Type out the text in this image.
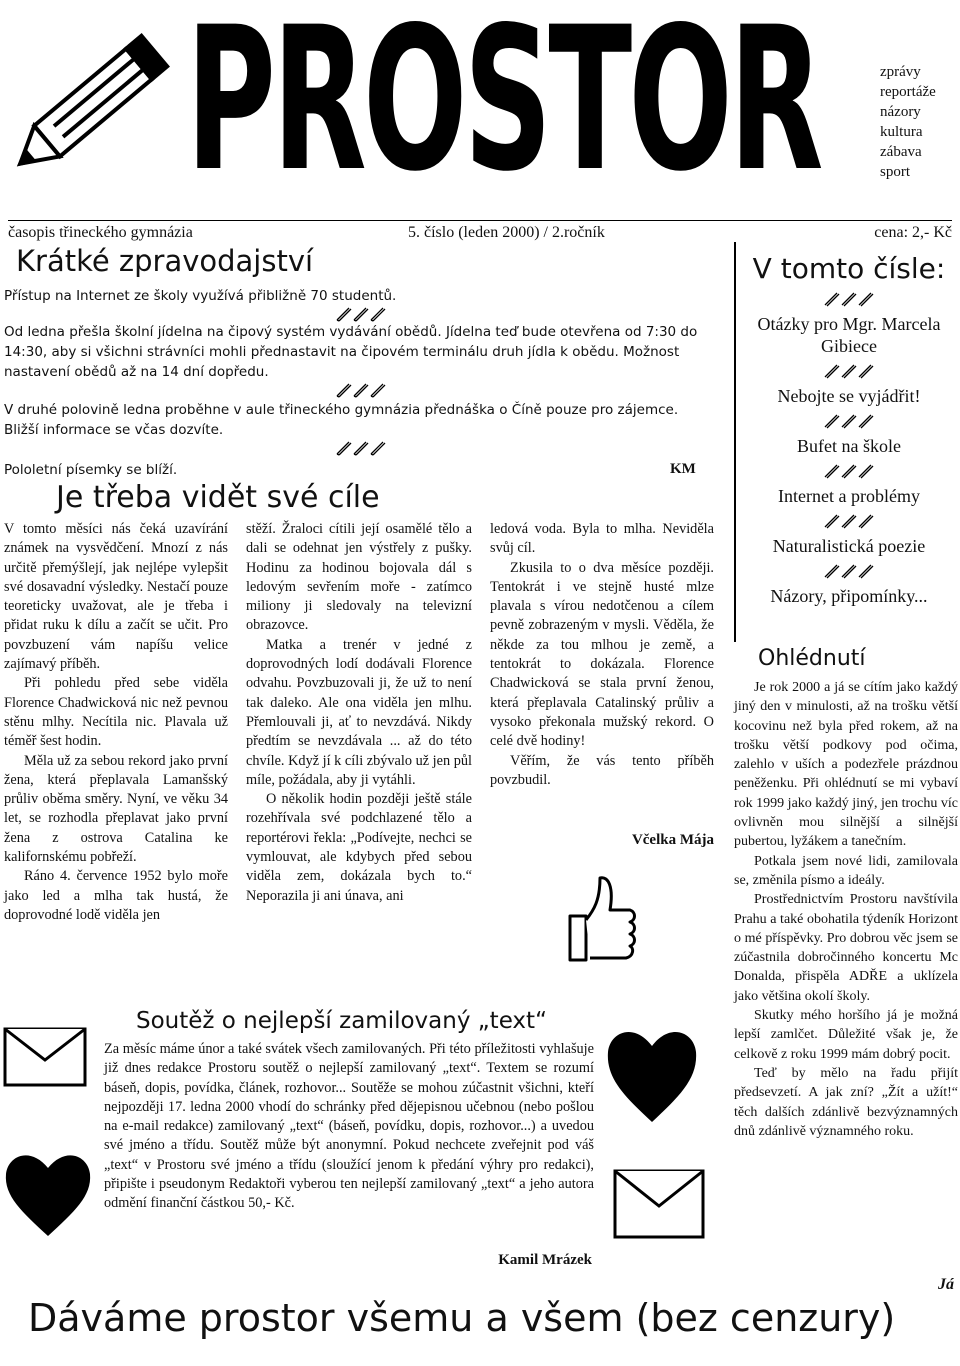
PROSTOR	zprávy
reportáže
názory
kultura
zábava
sport
časopis třineckého gymnázia	5. číslo (leden 2000) / 2.ročník	cena: 2,- Kč
Krátké zpravodajství
Přístup na Internet ze školy využívá přibližně 70 studentů.
Od ledna přešla školní jídelna na čipový systém vydávání obědů. Jídelna teď bude otevřena od 7:30 do 14:30, aby si všichni strávníci mohli přednastavit na čipovém terminálu druh jídla k obědu. Možnost nastavení obědů až na 14 dní dopředu.
V druhé polovině ledna proběhne v aule třineckého gymnázia přednáška o Číně pouze pro zájemce. Bližší informace se včas dozvíte.
Pololetní písemky se blíží.	KM
Je třeba vidět své cíle

V tomto měsíci nás čeká uzavírání známek na vysvědčení. Mnozí z nás určitě přemýšlejí, jak nejlépe vylepšit své dosavadní výsledky. Nestačí pouze teoreticky uvažovat, ale je třeba i přidat ruku k dílu a začít se učit. Pro povzbuzení vám napíšu velice zajímavý příběh.

Při pohledu před sebe viděla Florence Chadwicková nic než pevnou stěnu mlhy. Necítila nic. Plavala už téměř šest hodin.

Měla už za sebou rekord jako první žena, která přeplavala Lamanšský průliv oběma směry. Nyní, ve věku 34 let, se rozhodla přeplavat jako první žena z ostrova Catalina ke kalifornskému pobřeží.

Ráno 4. července 1952 bylo moře jako led a mlha tak hustá, že doprovodné lodě viděla jen

stěží. Žraloci cítili její osamělé tělo a dali se odehnat jen výstřely z pušky. Hodinu za hodinou bojovala dál s ledovým sevřením moře - zatímco miliony ji sledovaly na televizní obrazovce.

Matka a trenér v jedné z doprovodných lodí dodávali Florence odvahu. Povzbuzovali ji, že už to není tak daleko. Ale ona viděla jen mlhu. Přemlouvali ji, ať to nevzdává. Nikdy předtím se nevzdávala ... až do této chvíle. Když jí k cíli zbývalo už jen půl míle, požádala, aby ji vytáhli.

O několik hodin později ještě stále rozehřívala své podchlazené tělo a reportérovi řekla: „Podívejte, nechci se vymlouvat, ale kdybych před sebou viděla zem, dokázala bych to.“ Neporazila ji ani únava, ani

ledová voda. Byla to mlha. Neviděla svůj cíl.

Zkusila to o dva měsíce později. Tentokrát i ve stejně husté mlze plavala s vírou nedotčenou a cílem pevně zobrazeným v mysli. Věděla, že někde za tou mlhou je země, a tentokrát to dokázala. Florence Chadwicková se stala první ženou, která přeplavala Catalinský průliv a vysoko překonala mužský rekord. O celé dvě hodiny!

Věřím, že vás tento příběh povzbudil.

Včelka Mája
V tomto čísle:
Otázky pro Mgr. Marcela Gibiece
Nebojte se vyjádřit!
Bufet na škole
Internet a problémy
Naturalistická poezie
Názory, připomínky...
Ohlédnutí

Je rok 2000 a já se cítím jako každý jiný den v minulosti, až na trošku větší kocovinu než byla před rokem, až na trošku větší podkovy pod očima, zalehlo v uších a podezřele prázdnou peněženku. Při ohlédnutí se mi vybaví rok 1999 jako každý jiný, jen trochu víc ovlivněn mou silnější a silnější pubertou, lyžákem a tanečním.

Potkala jsem nové lidi, zamilovala se, změnila písmo a ideály.

Prostřednictvím Prostoru navštívila Prahu a také obohatila týdeník Horizont o mé příspěvky. Pro dobrou věc jsem se zúčastnila dobročinného koncertu Mc Donalda, přispěla ADŘE a uklízela jako většina okolí školy.

Skutky mého horšího já je možná lepší zamlčet. Důležité však je, že celkově z roku 1999 mám dobrý pocit.

Teď by mělo na řadu přijít předsevzetí. A jak zní? „Žít a užít!“ těch dalších zdánlivě bezvýznamných dnů zdánlivě významného roku.

Já
Soutěž o nejlepší zamilovaný „text“
Za měsíc máme únor a také svátek všech zamilovaných. Při této příležitosti vyhlašuje již dnes redakce Prostoru soutěž o nejlepší zamilovaný „text“. Textem se rozumí báseň, dopis, povídka, článek, rozhovor... Soutěže se mohou zúčastnit všichni, kteří nejpozději 17. ledna 2000 vhodí do schránky před dějepisnou učebnou (nebo pošlou na e-mail redakce) zamilovaný „text“ (báseň, povídku, dopis, rozhovor...) a uvedou své jméno a třídu. Soutěž může být anonymní. Pokud nechcete zveřejnit pod váš „text“ v Prostoru své jméno a třídu (sloužící jenom k předání výhry pro redakci), připište i pseudonym Redaktoři vyberou ten nejlepší zamilovaný „text“ a jeho autora odmění finanční částkou 50,- Kč.
Kamil Mrázek
Dáváme prostor všemu a všem (bez cenzury)
